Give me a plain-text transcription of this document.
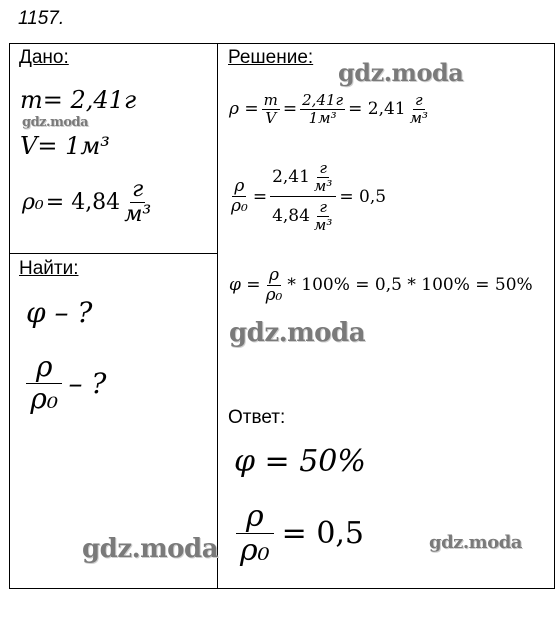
1157.
Дано:
m= 2,41г
V= 1м³
$\rho_0 = 4,84 \frac{г}{\text{м³}}$
Найти:
φ – ?
$\frac{\rho}{\text{ρ₀}}$ – ?
Решение:
$\rho = \frac{m}{V} = \frac{2,41г}{\text{1м³}} = 2,41 \frac{г}{\text{м³}}$
$\frac{\rho}{\text{ρ₀}} = \frac{2,41 \frac{г}{\text{м³}}}{4,84 \frac{г}{\text{м³}}} = 0,5$
$\varphi = \frac{\rho}{\text{ρ₀}} * 100\% = 0,5 * 100\% = 50\%$
Ответ:
φ = 50%
$\frac{\rho}{\text{ρ₀}} = 0,5$
gdz.moda
gdz.moda
gdz.moda
gdz.moda	gdz.moda
